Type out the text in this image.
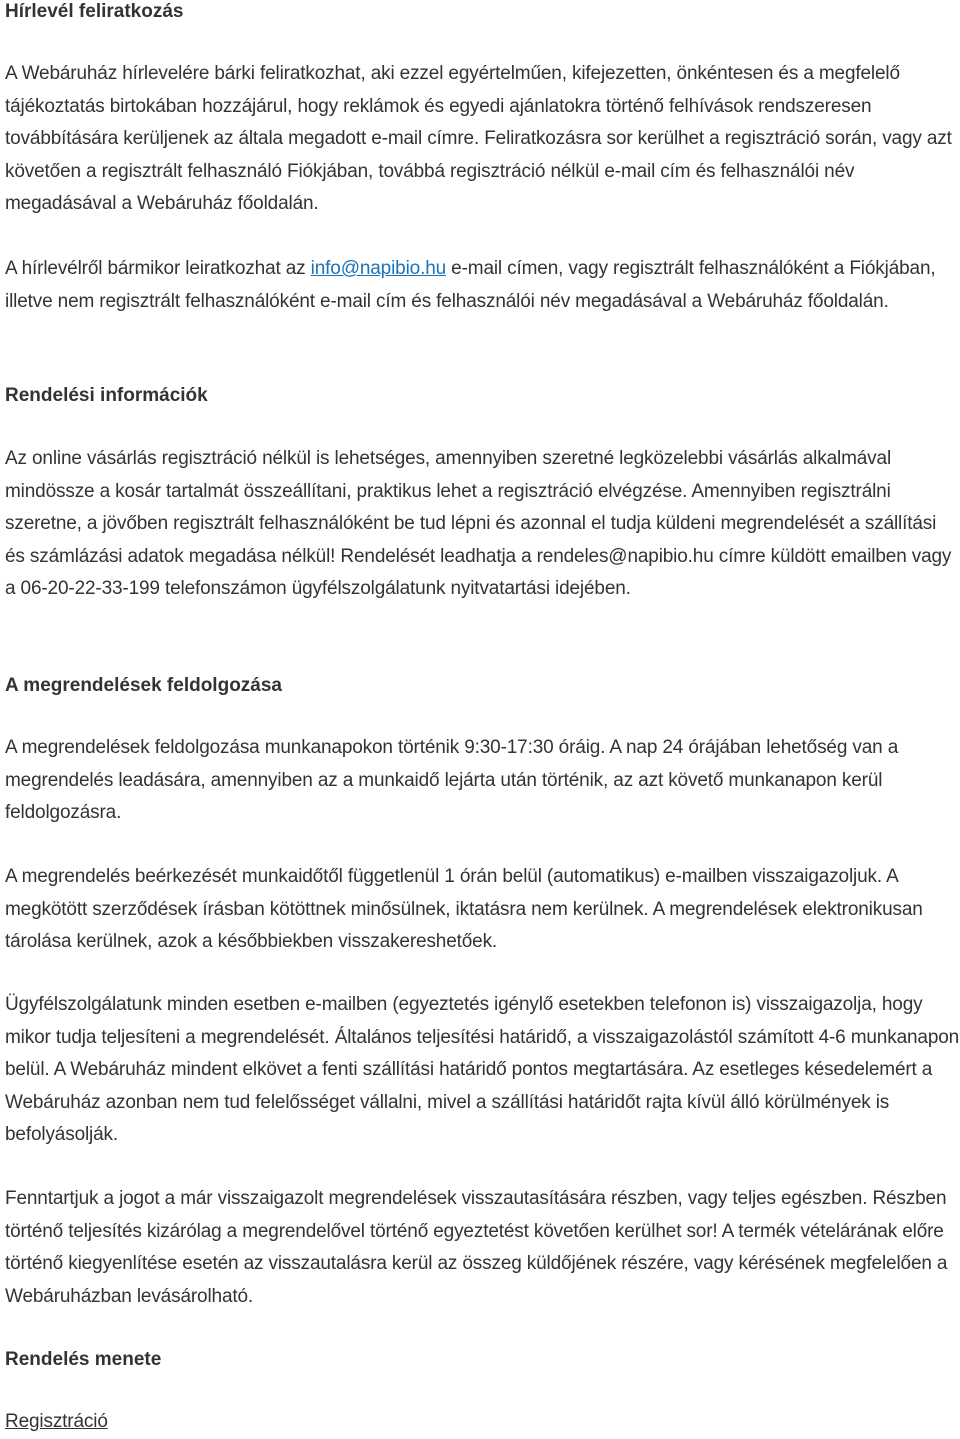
Hírlevél feliratkozás

A Webáruház hírlevelére bárki feliratkozhat, aki ezzel egyértelműen, kifejezetten, önkéntesen és a megfelelő tájékoztatás birtokában hozzájárul, hogy reklámok és egyedi ajánlatokra történő felhívások rendszeresen továbbítására kerüljenek az általa megadott e-mail címre. Feliratkozásra sor kerülhet a regisztráció során, vagy azt követően a regisztrált felhasználó Fiókjában, továbbá regisztráció nélkül e-mail cím és felhasználói név megadásával a Webáruház főoldalán.

A hírlevélről bármikor leiratkozhat az info@napibio.hu e-mail címen, vagy regisztrált felhasználóként a Fiókjában, illetve nem regisztrált felhasználóként e-mail cím és felhasználói név megadásával a Webáruház főoldalán.

Rendelési információk

Az online vásárlás regisztráció nélkül is lehetséges, amennyiben szeretné legközelebbi vásárlás alkalmával mindössze a kosár tartalmát összeállítani, praktikus lehet a regisztráció elvégzése. Amennyiben regisztrálni szeretne, a jövőben regisztrált felhasználóként be tud lépni és azonnal el tudja küldeni megrendelését a szállítási és számlázási adatok megadása nélkül! Rendelését leadhatja a rendeles@napibio.hu címre küldött emailben vagy a 06-20-22-33-199 telefonszámon ügyfélszolgálatunk nyitvatartási idejében.

A megrendelések feldolgozása

A megrendelések feldolgozása munkanapokon történik 9:30-17:30 óráig. A nap 24 órájában lehetőség van a megrendelés leadására, amennyiben az a munkaidő lejárta után történik, az azt követő munkanapon kerül feldolgozásra.

A megrendelés beérkezését munkaidőtől függetlenül 1 órán belül (automatikus) e-mailben visszaigazoljuk. A megkötött szerződések írásban kötöttnek minősülnek, iktatásra nem kerülnek. A megrendelések elektronikusan tárolása kerülnek, azok a későbbiekben visszakereshetőek.

Ügyfélszolgálatunk minden esetben e-mailben (egyeztetés igénylő esetekben telefonon is) visszaigazolja, hogy mikor tudja teljesíteni a megrendelését. Általános teljesítési határidő, a visszaigazolástól számított 4-6 munkanapon belül. A Webáruház mindent elkövet a fenti szállítási határidő pontos megtartására. Az esetleges késedelemért a Webáruház azonban nem tud felelősséget vállalni, mivel a szállítási határidőt rajta kívül álló körülmények is befolyásolják.

Fenntartjuk a jogot a már visszaigazolt megrendelések visszautasítására részben, vagy teljes egészben. Részben történő teljesítés kizárólag a megrendelővel történő egyeztetést követően kerülhet sor! A termék vételárának előre történő kiegyenlítése esetén az visszautalásra kerül az összeg küldőjének részére, vagy kérésének megfelelően a Webáruházban levásárolható.

Rendelés menete

Regisztráció
